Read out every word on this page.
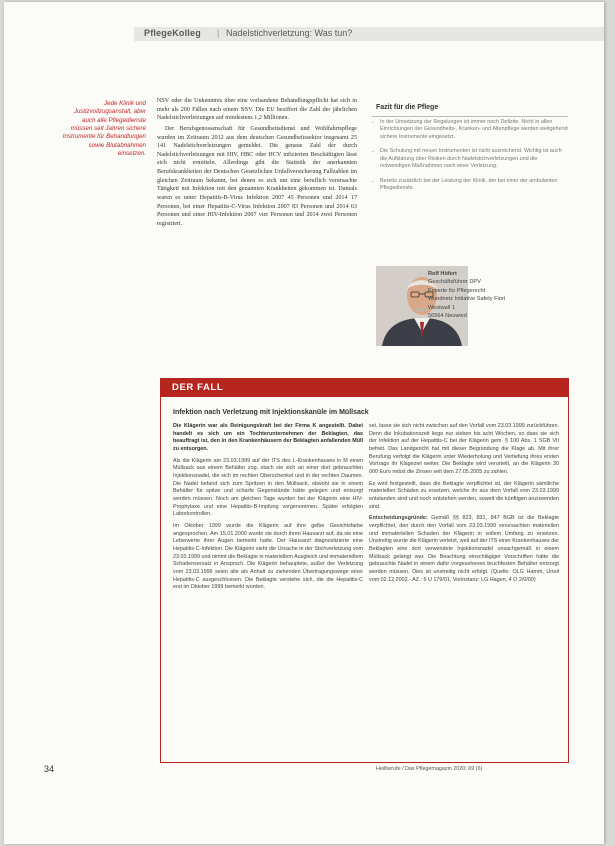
PflegeKolleg | Nadelstichverletzung: Was tun?
Jede Klinik und Justizvollzugsanstalt, aber auch alle Pflegedienste müssen seit Jahren sichere Instrumente für Behandlungen sowie Blutabnahmen einsetzen.

NSV oder die Unkenntnis über eine vorhandene Behandlungspflicht hat sich in mehr als 200 Fällen nach einem NSV. Die EU beziffert die Zahl der jährlichen Nadelstichverletzungen auf mindestens 1,2 Millionen.

Der Berufsgenossenschaft für Gesundheitsdienst und Wohlfahrtspflege wurden im Zeitraum 2012 aus dem deutschen Gesundheitssektor insgesamt 25 141 Nadelstichverletzungen gemeldet. Die genaue Zahl der durch Nadelstichverletzungen mit HIV, HBC oder HCV infizierten Beschäftigten lässt sich nicht ermitteln. Allerdings gibt die Statistik der anerkannten Berufskrankheiten der Deutschen Gesetzlichen Unfallversicherung Fallzahlen im gleichen Zeitraum bekannt, bei denen es sich um eine beruflich verursachte Tätigkeit mit Infektion mit den genannten Krankheiten gekommen ist. Damals waren es unter Hepatitis-B-Virus Infektion 2007 45 Personen und 2014 17 Personen, bei einer Hepatitis-C-Virus Infektion 2007 83 Personen und 2014 63 Personen und einer HIV-Infektion 2007 vier Personen und 2014 zwei Personen registriert.

Fazit für die Pflege
→ In der Umsetzung der Regelungen ist immer noch Defizite. Nicht in allen Einrichtungen der Gesundheits-, Kranken- und Altenpflege werden weitgehend sichere Instrumente eingesetzt.
→ Die Schulung mit neuen Instrumenten ist nicht ausreichend. Wichtig ist auch die Aufklärung über Risiken durch Nadelstichverletzungen und die notwendigen Maßnahmen nach einer Verletzung.
→ Bereits zusätzlich bei der Leistung der Klinik, der bei einer der ambulanten Pflegedienste.
Rolf Höfert
Geschäftsführer DPV
Experte für Pflegerecht
Wundnetz Initiative Safety First
Westwall 1
56564 Neuwied
DER FALL
Infektion nach Verletzung mit Injektionskanüle im Müllsack

Die Klägerin war als Reinigungskraft bei der Firma K angestellt. Dabei handelt es sich um ein Tochterunternehmen der Beklagten, das beauftragt ist, den in den Krankenhäusern der Beklagten anfallenden Müll zu entsorgen.

Als die Klägerin am 23.03.1999 auf der ITS des L-Krankenhauses in M einen Müllsack aus einem Behälter zog, stach sie sich an einer dort gebrauchten Injektionsnadel, die sich im rechten Oberschenkel und in der rechten Daumen. Die Nadel befand sich zum Spritzen in den Müllsack, obwohl sie in einem Behälter für spitze und scharfe Gegenstände hätte gelegen und entsorgt werden müssen. Noch am gleichen Tage wurden bei der Klägerin eine HIV-Prophylaxe und eine Hepatitis-B-Impfung vorgenommen. Später erfolgten Laborkontrollen.

Im Oktober 1999 wurde die Klägerin auf ihre gelbe Gesichtsfarbe angesprochen. Am 15.01.2000 wurde sie durch ihren Hausarzt auf, da sie eine Leberwerte ihrer Augen bemerkt hatte. Der Hausarzt diagnostizierte eine Hepatitis-C-Infektion. Die Klägerin sieht die Ursache in der Stichverletzung vom 23.03.1999 und nimmt die Beklagte in materiellem Ausgleich und immateriellem Schadensersatz in Anspruch. Die Klägerin behauptete, außer der Verletzung vom 23.03.1999 seien alle als Anhalt zu ziehenden Übertragungswege einer Hepatitis-C ausgeschlossen. Die Beklagte verstehe sich, die die Hepatitis-C erst im Oktober 1999 bemerkt worden.

sei, lasse sie sich nicht zwischen auf den Vorfall vom 23.03.1999 zurückführen. Denn die Inkubationszeit liege nur sieben bis acht Wochen, so dass sie sich der Infektion auf der Hepatitis-C bei der Klägerin gem. § 100 Abs. 1 SGB VII befreit. Das Landgericht hat mit dieser Begründung die Klage ab. Mit ihrer Berufung verfolgt die Klägerin unter Wiederholung und Vertiefung ihres ersten Vortrags ihr Klageziel weiter. Die Beklagte wird verurteilt, an die Klägerin 30 000 Euro nebst die Zinsen seit dem 27.05.2005 zu zahlen.

Es wird festgestellt, dass die Beklagte verpflichtet ist, der Klägerin sämtliche materiellen Schäden zu ersetzen, welche ihr aus dem Vorfall vom 23.03.1999 entstanden sind und noch entstehen werden, soweit die künftigen anzuwenden sind.

Entscheidungsgründe: Gemäß §§ 823, 831, 847 BGB ist die Beklagte verpflichtet, den durch den Vorfall vom 23.03.1999 verursachten materiellen und immateriellen Schaden der Klägerin in vollem Umfang zu ersetzen. Unstreitig wurde die Klägerin verletzt, weil auf der ITS einer Krankenhauses der Beklagten eine dort verwendete Injektionsnadel unsachgemäß in einem Müllsack gelangt war. Die Beachtung einschlägiger Vorschriften hätte die gebrauchte Nadel in einem dafür vorgesehenen bruchfesten Behälter entsorgt werden müssen. Dies ist unstreitig nicht erfolgt. (Quelle: OLG Hamm, Urteil vom 02.12.2002 - AZ.: 6 U 179/01, Vorinstanz: LG Hagen, 4 O 2/0/00)

34	Heilberufe / Das Pflegemagazin 2020; 69 (6)
